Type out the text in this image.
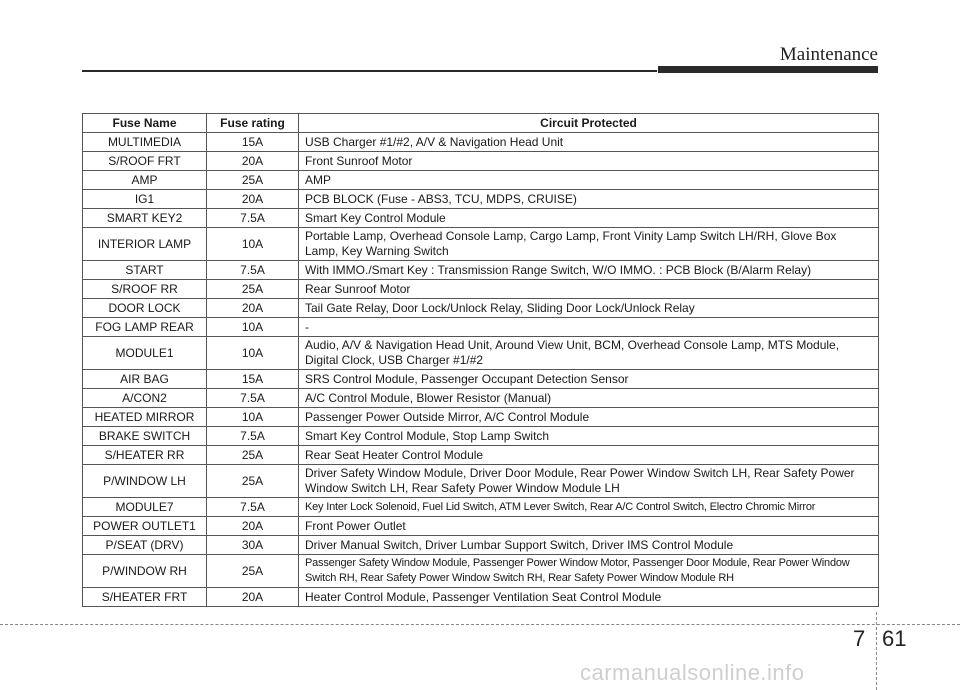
Maintenance
Fuse Name	Fuse rating	Circuit Protected
MULTIMEDIA	15A	USB Charger #1/#2, A/V & Navigation Head Unit
S/ROOF FRT	20A	Front Sunroof Motor
AMP	25A	AMP
IG1	20A	PCB BLOCK (Fuse - ABS3, TCU, MDPS, CRUISE)
SMART KEY2	7.5A	Smart Key Control Module
INTERIOR LAMP	10A	Portable Lamp, Overhead Console Lamp, Cargo Lamp, Front Vinity Lamp Switch LH/RH, Glove Box Lamp, Key Warning Switch
START	7.5A	With IMMO./Smart Key : Transmission Range Switch, W/O IMMO. : PCB Block (B/Alarm Relay)
S/ROOF RR	25A	Rear Sunroof Motor
DOOR LOCK	20A	Tail Gate Relay, Door Lock/Unlock Relay, Sliding Door Lock/Unlock Relay
FOG LAMP REAR	10A	-
MODULE1	10A	Audio, A/V & Navigation Head Unit, Around View Unit, BCM, Overhead Console Lamp, MTS Module, Digital Clock, USB Charger #1/#2
AIR BAG	15A	SRS Control Module, Passenger Occupant Detection Sensor
A/CON2	7.5A	A/C Control Module, Blower Resistor (Manual)
HEATED MIRROR	10A	Passenger Power Outside Mirror, A/C Control Module
BRAKE SWITCH	7.5A	Smart Key Control Module, Stop Lamp Switch
S/HEATER RR	25A	Rear Seat Heater Control Module
P/WINDOW LH	25A	Driver Safety Window Module, Driver Door Module, Rear Power Window Switch LH, Rear Safety Power Window Switch LH, Rear Safety Power Window Module LH
MODULE7	7.5A	Key Inter Lock Solenoid, Fuel Lid Switch, ATM Lever Switch, Rear A/C Control Switch, Electro Chromic Mirror
POWER OUTLET1	20A	Front Power Outlet
P/SEAT (DRV)	30A	Driver Manual Switch, Driver Lumbar Support Switch, Driver IMS Control Module
P/WINDOW RH	25A	Passenger Safety Window Module, Passenger Power Window Motor, Passenger Door Module, Rear Power Window Switch RH, Rear Safety Power Window Switch RH, Rear Safety Power Window Module RH
S/HEATER FRT	20A	Heater Control Module, Passenger Ventilation Seat Control Module
7 61
carmanualsonline.info
